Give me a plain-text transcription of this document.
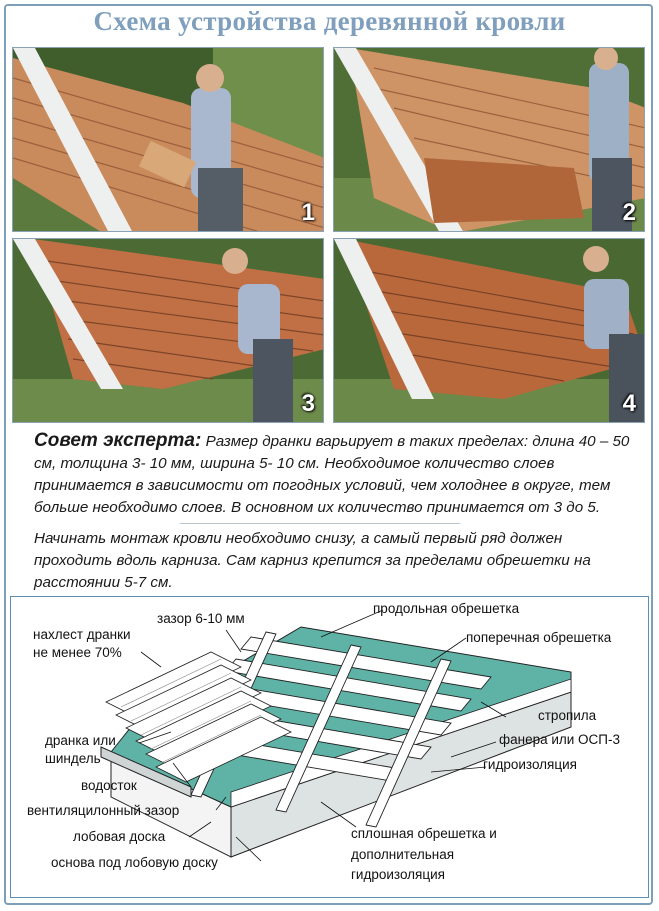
Схема устройства деревянной кровли
1	2
3	4
Совет эксперта: Размер дранки варьирует в таких пределах: длина 40 – 50 см, толщина 3- 10 мм, ширина 5- 10 см. Необходимое количество слоев принимается в зависимости от погодных условий, чем холоднее в округе, тем больше необходимо слоев. В основном их количество принимается от 3 до 5.
Начинать монтаж кровли необходимо снизу, а самый первый ряд должен проходить вдоль карниза. Сам карниз крепится за пределами обрешетки на расстоянии 5-7 см.
зазор 6-10 мм
продольная обрешетка
нахлест дранки
не менее 70%
поперечная обрешетка
стропила
дранка или
шиндель
фанера или ОСП-3
гидроизоляция
водосток
вентиляцилонный зазор
лобовая доска	сплошная обрешетка и
дополнительная
гидроизоляция
основа под лобовую доску
